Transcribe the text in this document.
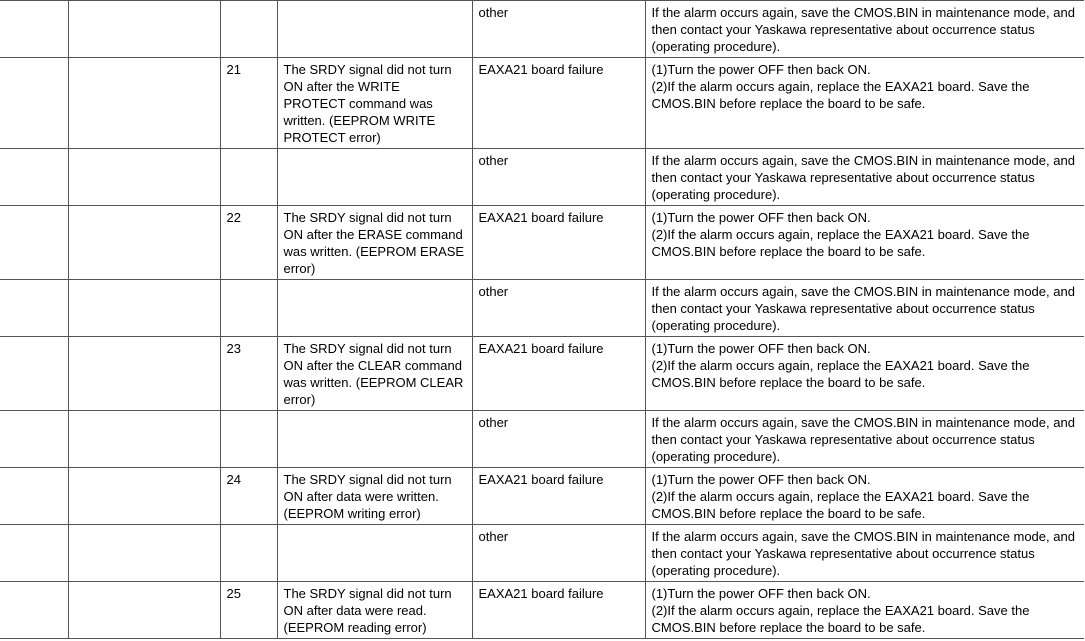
				other	If the alarm occurs again, save the CMOS.BIN in maintenance mode, and then contact your Yaskawa representative about occurrence status (operating procedure).
		21	The SRDY signal did not turn ON after the WRITE PROTECT command was written. (EEPROM WRITE PROTECT error)	EAXA21 board failure	(1)Turn the power OFF then back ON.
(2)If the alarm occurs again, replace the EAXA21 board. Save the CMOS.BIN before replace the board to be safe.
				other	If the alarm occurs again, save the CMOS.BIN in maintenance mode, and then contact your Yaskawa representative about occurrence status (operating procedure).
		22	The SRDY signal did not turn ON after the ERASE command was written. (EEPROM ERASE error)	EAXA21 board failure	(1)Turn the power OFF then back ON.
(2)If the alarm occurs again, replace the EAXA21 board. Save the CMOS.BIN before replace the board to be safe.
				other	If the alarm occurs again, save the CMOS.BIN in maintenance mode, and then contact your Yaskawa representative about occurrence status (operating procedure).
		23	The SRDY signal did not turn ON after the CLEAR command was written. (EEPROM CLEAR error)	EAXA21 board failure	(1)Turn the power OFF then back ON.
(2)If the alarm occurs again, replace the EAXA21 board. Save the CMOS.BIN before replace the board to be safe.
				other	If the alarm occurs again, save the CMOS.BIN in maintenance mode, and then contact your Yaskawa representative about occurrence status (operating procedure).
		24	The SRDY signal did not turn ON after data were written. (EEPROM writing error)	EAXA21 board failure	(1)Turn the power OFF then back ON.
(2)If the alarm occurs again, replace the EAXA21 board. Save the CMOS.BIN before replace the board to be safe.
				other	If the alarm occurs again, save the CMOS.BIN in maintenance mode, and then contact your Yaskawa representative about occurrence status (operating procedure).
		25	The SRDY signal did not turn ON after data were read. (EEPROM reading error)	EAXA21 board failure	(1)Turn the power OFF then back ON.
(2)If the alarm occurs again, replace the EAXA21 board. Save the CMOS.BIN before replace the board to be safe.
